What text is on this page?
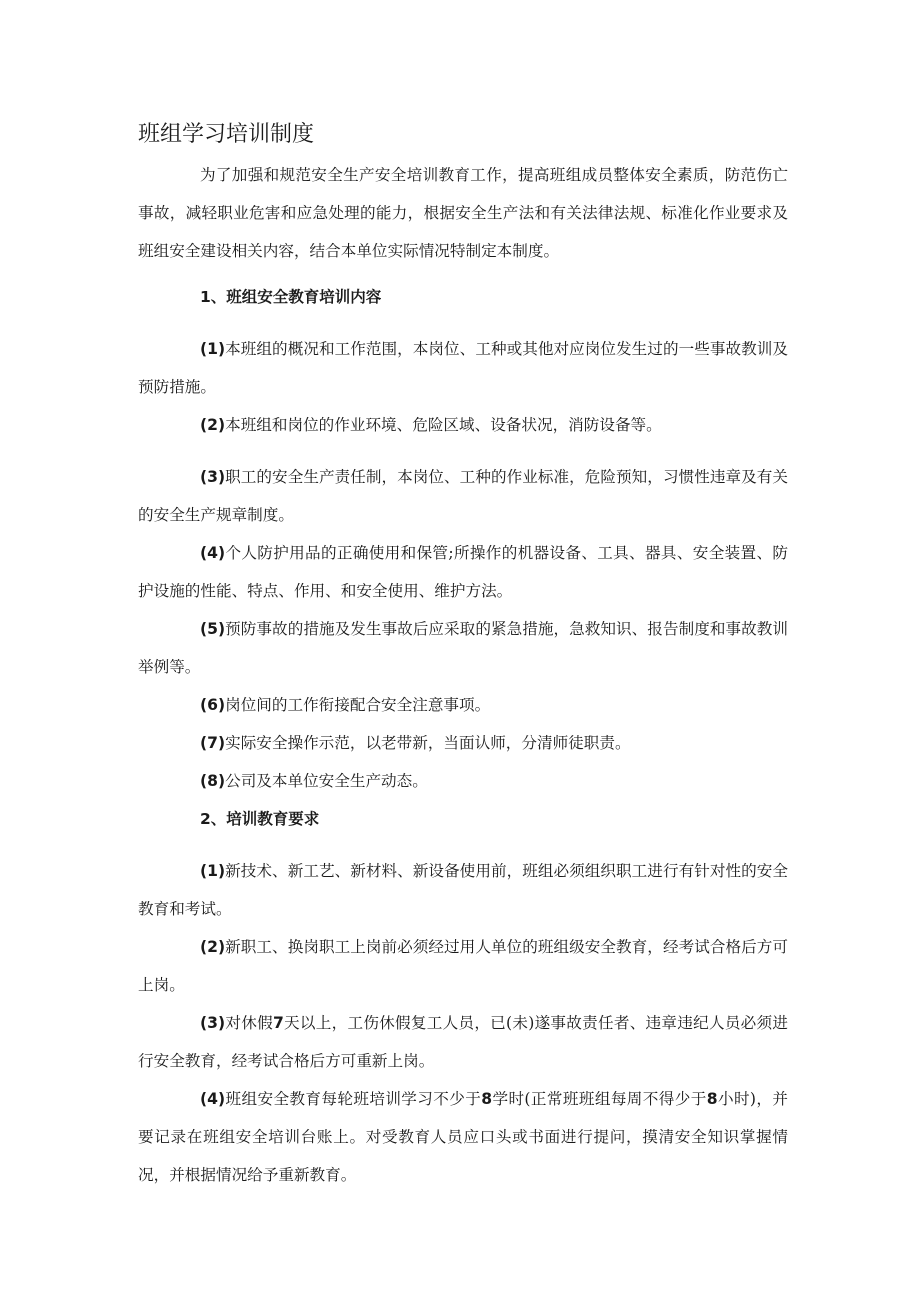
班组学习培训制度

为了加强和规范安全生产安全培训教育工作，提高班组成员整体安全素质，防范伤亡事故，减轻职业危害和应急处理的能力，根据安全生产法和有关法律法规、标准化作业要求及班组安全建设相关内容，结合本单位实际情况特制定本制度。

1、班组安全教育培训内容

(1)本班组的概况和工作范围，本岗位、工种或其他对应岗位发生过的一些事故教训及预防措施。

(2)本班组和岗位的作业环境、危险区域、设备状况，消防设备等。

(3)职工的安全生产责任制，本岗位、工种的作业标准，危险预知，习惯性违章及有关的安全生产规章制度。

(4)个人防护用品的正确使用和保管;所操作的机器设备、工具、器具、安全装置、防护设施的性能、特点、作用、和安全使用、维护方法。

(5)预防事故的措施及发生事故后应采取的紧急措施，急救知识、报告制度和事故教训举例等。

(6)岗位间的工作衔接配合安全注意事项。

(7)实际安全操作示范，以老带新，当面认师，分清师徒职责。

(8)公司及本单位安全生产动态。

2、培训教育要求

(1)新技术、新工艺、新材料、新设备使用前，班组必须组织职工进行有针对性的安全教育和考试。

(2)新职工、换岗职工上岗前必须经过用人单位的班组级安全教育，经考试合格后方可上岗。

(3)对休假7天以上，工伤休假复工人员，已(未)遂事故责任者、违章违纪人员必须进行安全教育，经考试合格后方可重新上岗。

(4)班组安全教育每轮班培训学习不少于8学时(正常班班组每周不得少于8小时)，并要记录在班组安全培训台账上。对受教育人员应口头或书面进行提问，摸清安全知识掌握情况，并根据情况给予重新教育。
